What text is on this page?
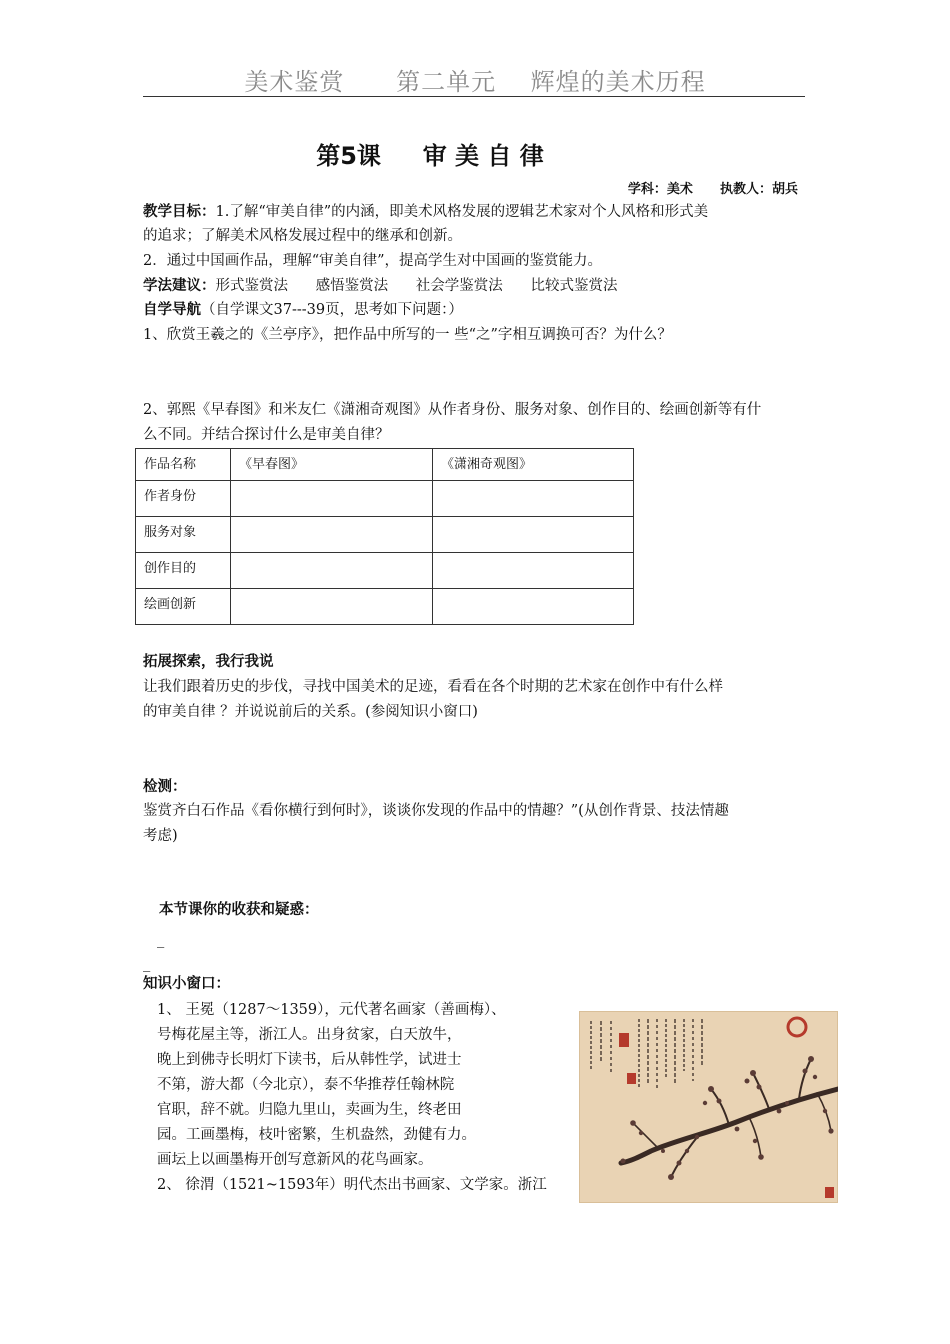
美术鉴赏      第二单元    辉煌的美术历程
第5课     审 美 自 律
学科：美术      执教人：胡兵
教学目标：1.了解“审美自律”的内涵，即美术风格发展的逻辑艺术家对个人风格和形式美
的追求；了解美术风格发展过程中的继承和创新。
2．通过中国画作品，理解“审美自律”，提高学生对中国画的鉴赏能力。
学法建议：形式鉴赏法      感悟鉴赏法      社会学鉴赏法      比较式鉴赏法
自学导航（自学课文37---39页，思考如下问题：）
1、欣赏王羲之的《兰亭序》，把作品中所写的一 些“之”字相互调换可否？为什么？
2、郭熙《早春图》和米友仁《潇湘奇观图》从作者身份、服务对象、创作目的、绘画创新等有什
么不同。并结合探讨什么是审美自律？
作品名称	《早春图》	《潇湘奇观图》
作者身份		
服务对象		
创作目的		
绘画创新		
拓展探索，我行我说
让我们跟着历史的步伐，寻找中国美术的足迹，看看在各个时期的艺术家在创作中有什么样
的审美自律 ？并说说前后的关系。(参阅知识小窗口)
检测：
鉴赏齐白石作品《看你横行到何时》，谈谈你发现的作品中的情趣？”(从创作背景、技法情趣
考虑)
本节课你的收获和疑惑：
_
_
知识小窗口：
1、 王冕（1287～1359），元代著名画家（善画梅）、
号梅花屋主等，浙江人。出身贫家，白天放牛，
晚上到佛寺长明灯下读书，后从韩性学，试进士
不第，游大都（今北京），泰不华推荐任翰林院
官职，辞不就。归隐九里山，卖画为生，终老田
园。工画墨梅，枝叶密繁，生机盎然，劲健有力。
画坛上以画墨梅开创写意新风的花鸟画家。
2、 徐渭（1521~1593年）明代杰出书画家、文学家。浙江
